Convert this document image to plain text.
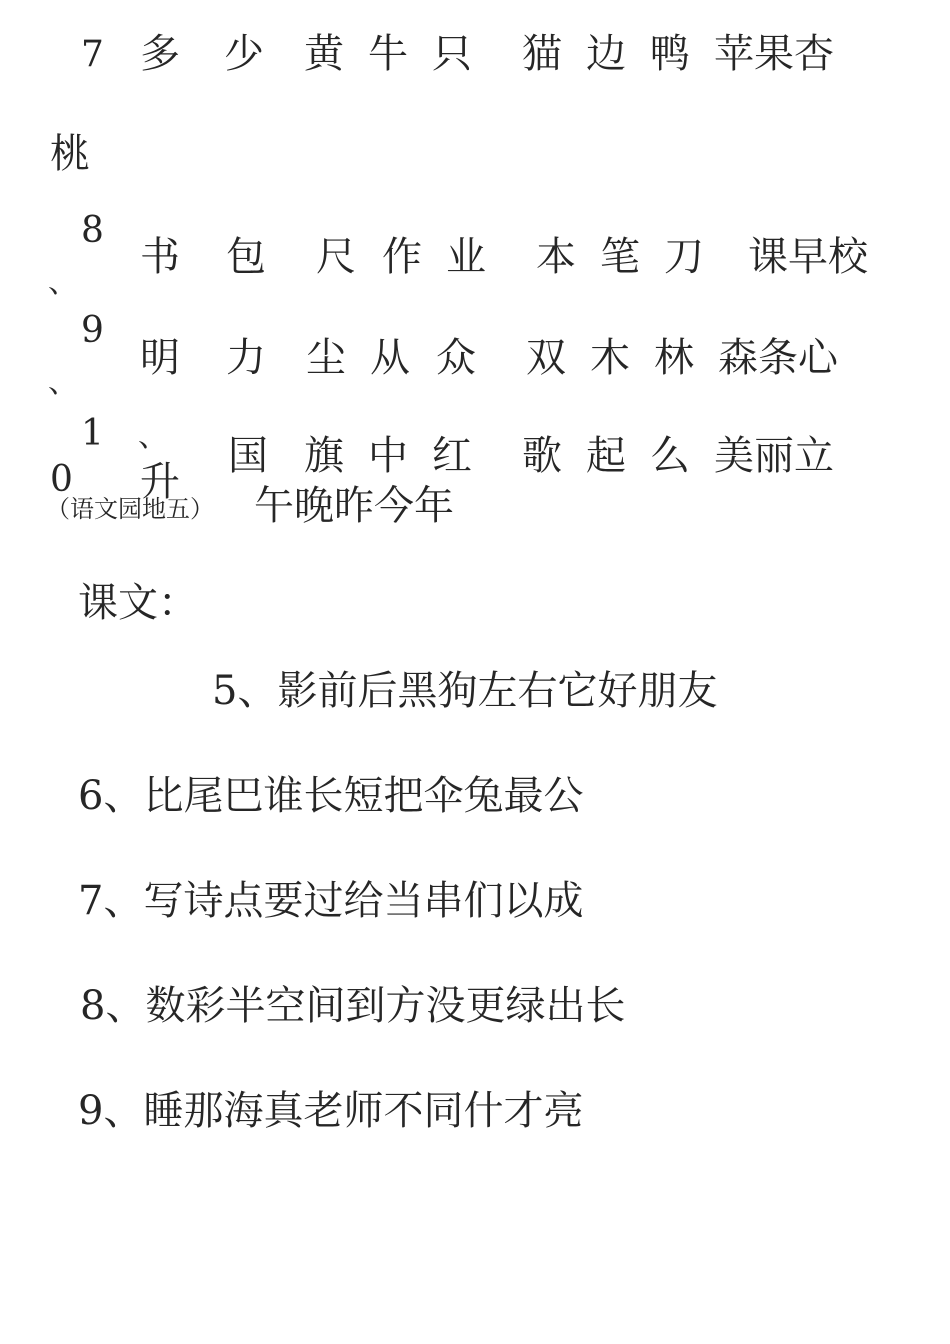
7 多 少 黄 牛 只 猫 边 鸭 苹 果 杏
桃
8
、
书 包 尺 作 业 本 笔 刀 课 早 校
9
、
明 力 尘 从 众 双 木 林 森 条 心
1
0 升
、 国 旗 中 红 歌 起 么 美 丽 立
（语文园地五） 午晚昨今年
课文：
5、影前后黑狗左右它好朋友
6、比尾巴谁长短把伞兔最公
7、写诗点要过给当串们以成
8、数彩半空间到方没更绿出长
9、睡那海真老师不同什才亮
